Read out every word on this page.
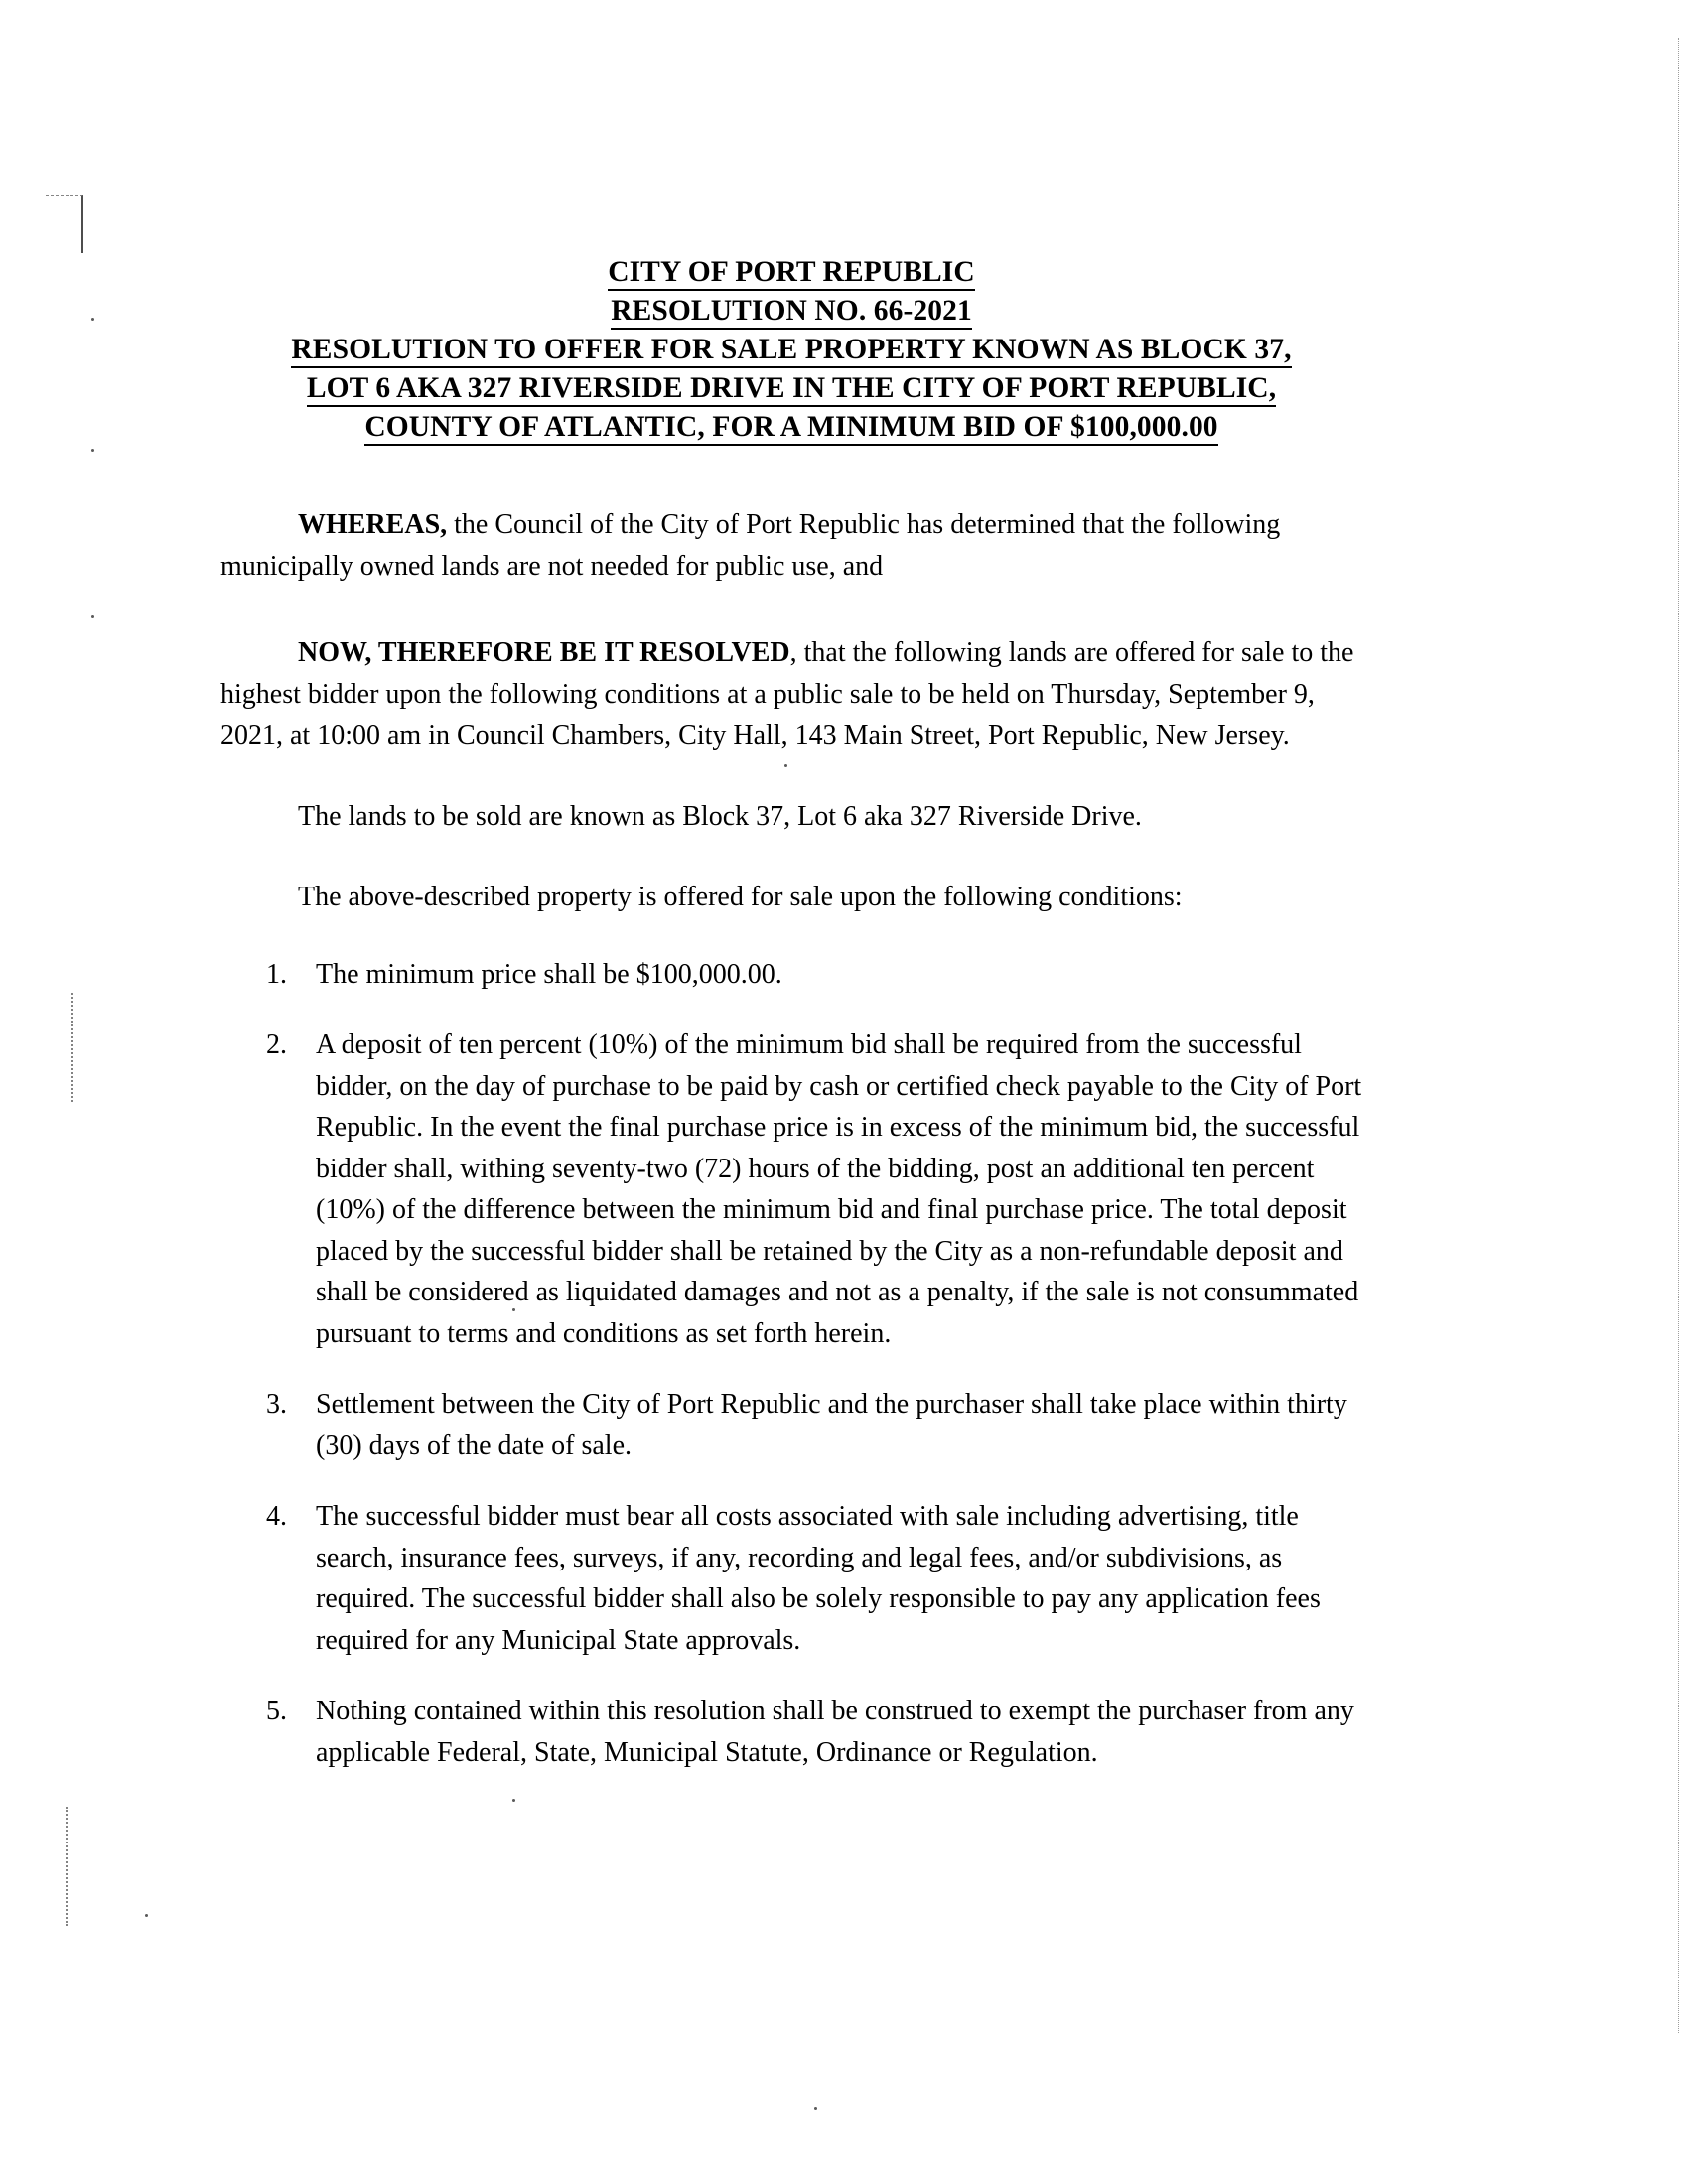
CITY OF PORT REPUBLIC
RESOLUTION NO. 66-2021
RESOLUTION TO OFFER FOR SALE PROPERTY KNOWN AS BLOCK 37,
LOT 6 AKA 327 RIVERSIDE DRIVE IN THE CITY OF PORT REPUBLIC,
COUNTY OF ATLANTIC, FOR A MINIMUM BID OF $100,000.00

WHEREAS, the Council of the City of Port Republic has determined that the following municipally owned lands are not needed for public use, and

NOW, THEREFORE BE IT RESOLVED, that the following lands are offered for sale to the highest bidder upon the following conditions at a public sale to be held on Thursday, September 9, 2021, at 10:00 am in Council Chambers, City Hall, 143 Main Street, Port Republic, New Jersey.

The lands to be sold are known as Block 37, Lot 6 aka 327 Riverside Drive.

The above-described property is offered for sale upon the following conditions:

1.	The minimum price shall be $100,000.00.
2.	A deposit of ten percent (10%) of the minimum bid shall be required from the successful bidder, on the day of purchase to be paid by cash or certified check payable to the City of Port Republic. In the event the final purchase price is in excess of the minimum bid, the successful bidder shall, withing seventy-two (72) hours of the bidding, post an additional ten percent (10%) of the difference between the minimum bid and final purchase price. The total deposit placed by the successful bidder shall be retained by the City as a non-refundable deposit and shall be considered as liquidated damages and not as a penalty, if the sale is not consummated pursuant to terms and conditions as set forth herein.
3.	Settlement between the City of Port Republic and the purchaser shall take place within thirty (30) days of the date of sale.
4.	The successful bidder must bear all costs associated with sale including advertising, title search, insurance fees, surveys, if any, recording and legal fees, and/or subdivisions, as required. The successful bidder shall also be solely responsible to pay any application fees required for any Municipal State approvals.
5.	Nothing contained within this resolution shall be construed to exempt the purchaser from any applicable Federal, State, Municipal Statute, Ordinance or Regulation.
